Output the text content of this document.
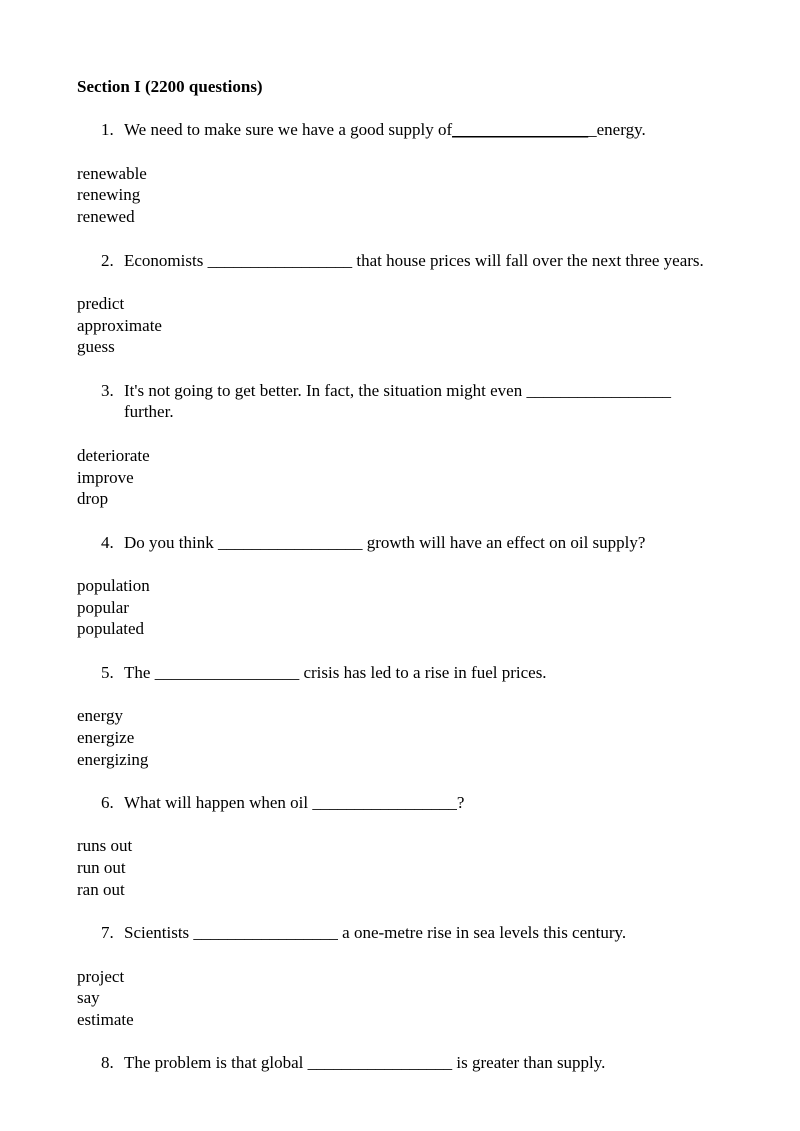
Section I (2200 questions)
1. We need to make sure we have a good supply of_________________energy.
renewable
renewing
renewed
2. Economists _________________ that house prices will fall over the next three years.
predict
approximate
guess
3. It's not going to get better. In fact, the situation might even _________________
further.
deteriorate
improve
drop
4. Do you think _________________ growth will have an effect on oil supply?
population
popular
populated
5. The _________________ crisis has led to a rise in fuel prices.
energy
energize
energizing
6. What will happen when oil _________________?
runs out
run out
ran out
7. Scientists _________________ a one-metre rise in sea levels this century.
project
say
estimate
8. The problem is that global _________________ is greater than supply.
